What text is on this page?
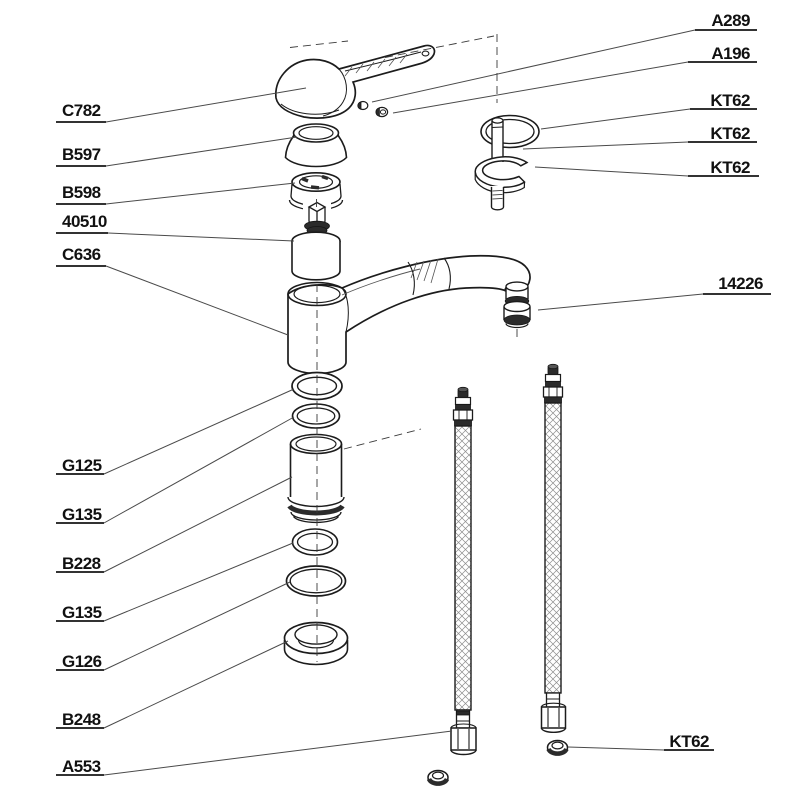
C782
B597
B598
40510
C636
G125
G135
B228
G135
G126
B248
A553
A289
A196
KT62
KT62
KT62
14226
KT62
